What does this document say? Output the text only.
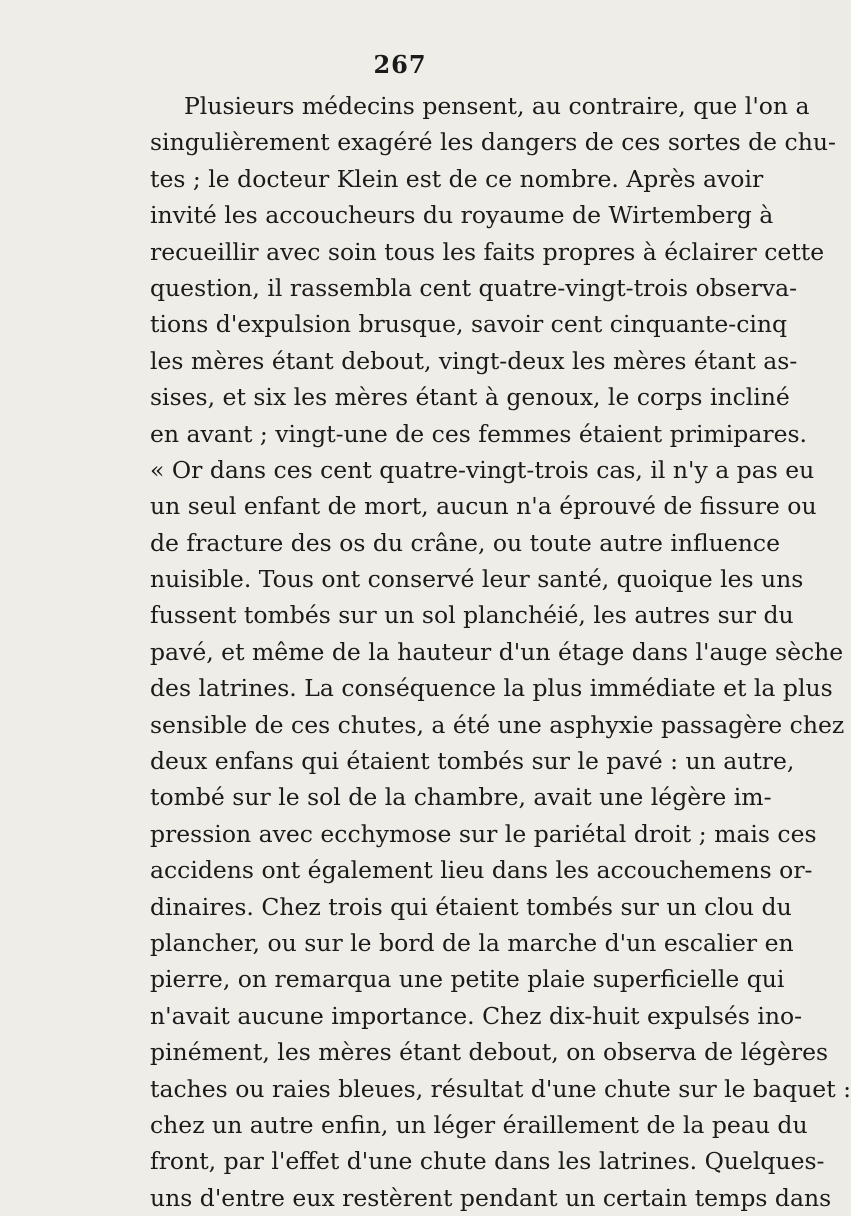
267
Plusieurs médecins pensent, au contraire, que l'on a
singulièrement exagéré les dangers de ces sortes de chu-
tes ; le docteur Klein est de ce nombre. Après avoir
invité les accoucheurs du royaume de Wirtemberg à
recueillir avec soin tous les faits propres à éclairer cette
question, il rassembla cent quatre-vingt-trois observa-
tions d'expulsion brusque, savoir cent cinquante-cinq
les mères étant debout, vingt-deux les mères étant as-
sises, et six les mères étant à genoux, le corps incliné
en avant ; vingt-une de ces femmes étaient primipares.
« Or dans ces cent quatre-vingt-trois cas, il n'y a pas eu
un seul enfant de mort, aucun n'a éprouvé de fissure ou
de fracture des os du crâne, ou toute autre influence
nuisible. Tous ont conservé leur santé, quoique les uns
fussent tombés sur un sol planchéié, les autres sur du
pavé, et même de la hauteur d'un étage dans l'auge sèche
des latrines. La conséquence la plus immédiate et la plus
sensible de ces chutes, a été une asphyxie passagère chez
deux enfans qui étaient tombés sur le pavé : un autre,
tombé sur le sol de la chambre, avait une légère im-
pression avec ecchymose sur le pariétal droit ; mais ces
accidens ont également lieu dans les accouchemens or-
dinaires. Chez trois qui étaient tombés sur un clou du
plancher, ou sur le bord de la marche d'un escalier en
pierre, on remarqua une petite plaie superficielle qui
n'avait aucune importance. Chez dix-huit expulsés ino-
pinément, les mères étant debout, on observa de légères
taches ou raies bleues, résultat d'une chute sur le baquet :
chez un autre enfin, un léger éraillement de la peau du
front, par l'effet d'une chute dans les latrines. Quelques-
uns d'entre eux restèrent pendant un certain temps dans
